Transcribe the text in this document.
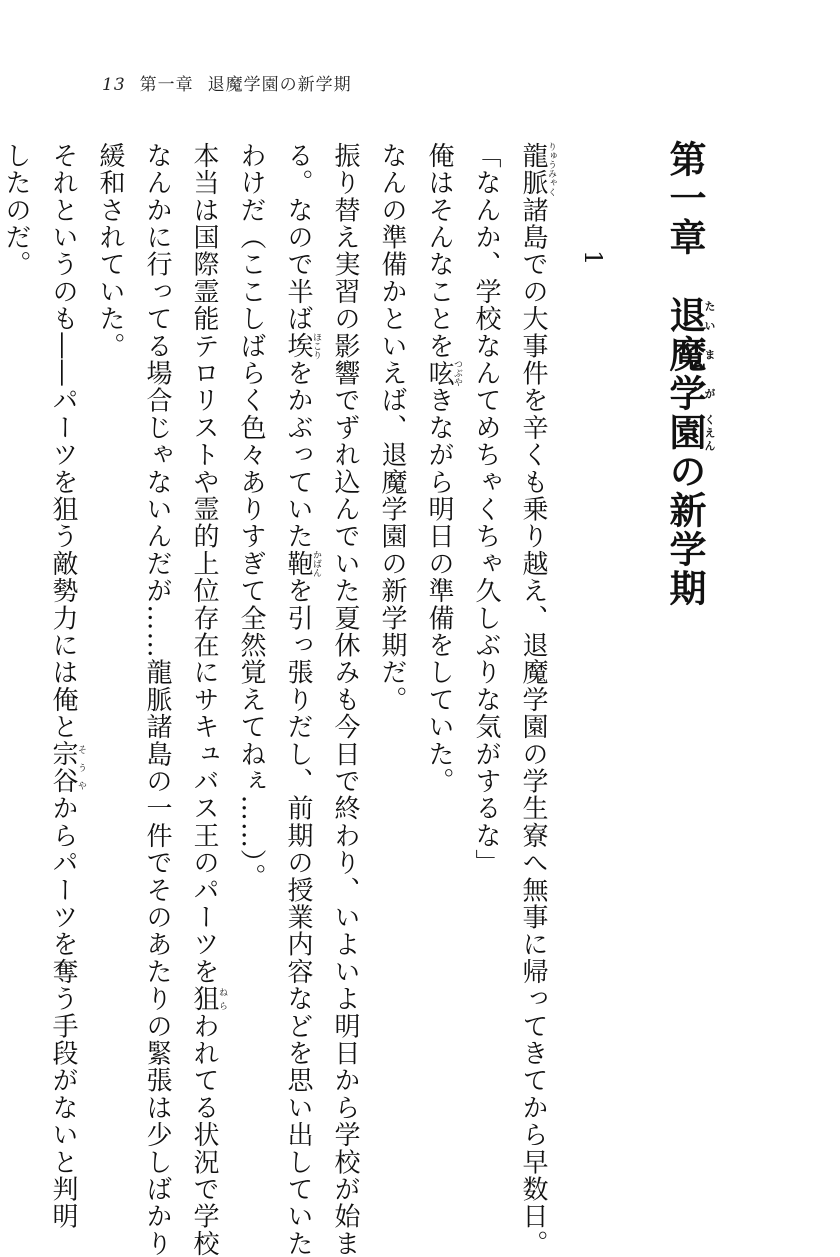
13 第一章 退魔学園の新学期
第一章　退たい魔ま学が園くえんの新学期
1
龍脈りゅうみゃく諸島での大事件を辛くも乗り越え、退魔学園の学生寮へ無事に帰ってきてから早数日。
「なんか、学校なんてめちゃくちゃ久しぶりな気がするな」
俺はそんなことを呟つぶやきながら明日の準備をしていた。
なんの準備かといえば、退魔学園の新学期だ。
振り替え実習の影響でずれ込んでいた夏休みも今日で終わり、いよいよ明日から学校が始ま
る。なので半ば埃ほこりをかぶっていた鞄かばんを引っ張りだし、前期の授業内容などを思い出していた
わけだ（ここしばらく色々ありすぎて全然覚えてねぇ……）。
本当は国際霊能テロリストや霊的上位存在にサキュバス王のパーツを狙ねらわれてる状況で学校
なんかに行ってる場合じゃないんだが……龍脈諸島の一件でそのあたりの緊張は少しばかり
緩和されていた。
それというのも――パーツを狙う敵勢力には俺と宗谷そうやからパーツを奪う手段がないと判明
したのだ。
